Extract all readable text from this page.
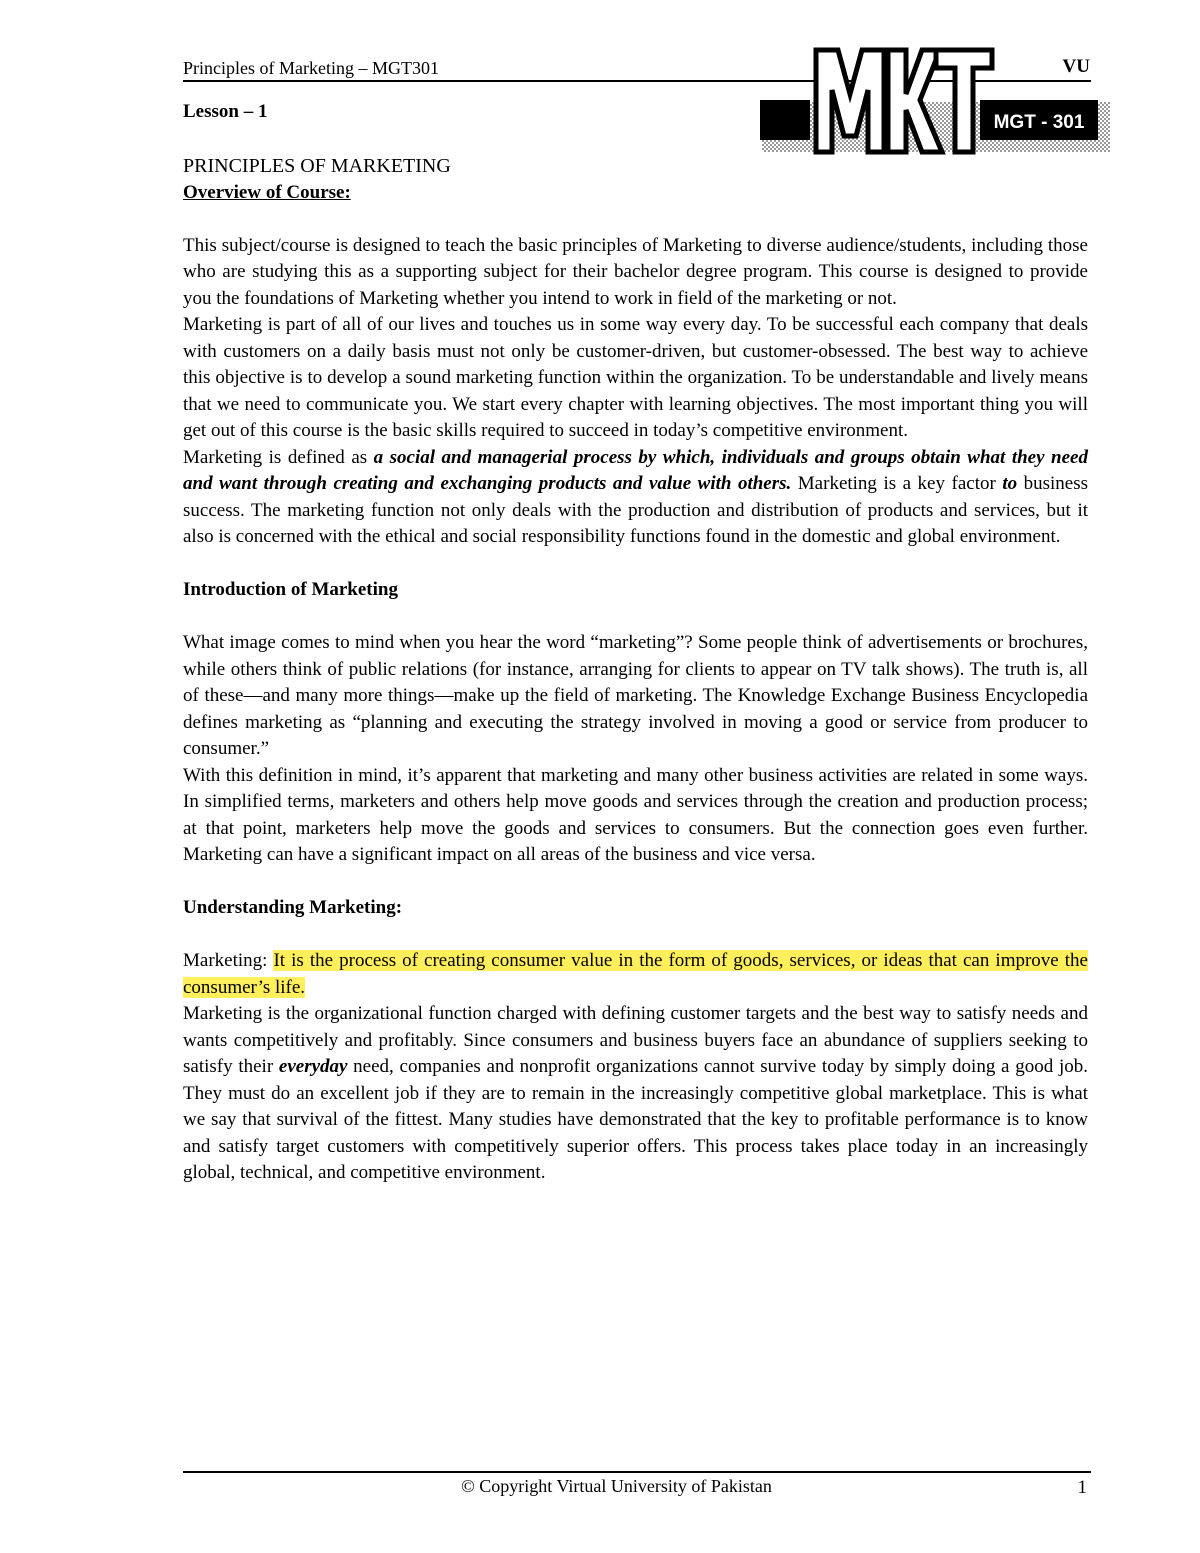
Principles of Marketing – MGT301	VU
MGT - 301
Lesson – 1

PRINCIPLES OF MARKETING

Overview of Course:

This subject/course is designed to teach the basic principles of Marketing to diverse audience/students, including those who are studying this as a supporting subject for their bachelor degree program. This course is designed to provide you the foundations of Marketing whether you intend to work in field of the marketing or not.

Marketing is part of all of our lives and touches us in some way every day. To be successful each company that deals with customers on a daily basis must not only be customer-driven, but customer-obsessed. The best way to achieve this objective is to develop a sound marketing function within the organization. To be understandable and lively means that we need to communicate you. We start every chapter with learning objectives. The most important thing you will get out of this course is the basic skills required to succeed in today’s competitive environment.

Marketing is defined as a social and managerial process by which, individuals and groups obtain what they need and want through creating and exchanging products and value with others. Marketing is a key factor to business success. The marketing function not only deals with the production and distribution of products and services, but it also is concerned with the ethical and social responsibility functions found in the domestic and global environment.

Introduction of Marketing

What image comes to mind when you hear the word “marketing”? Some people think of advertisements or brochures, while others think of public relations (for instance, arranging for clients to appear on TV talk shows). The truth is, all of these—and many more things—make up the field of marketing. The Knowledge Exchange Business Encyclopedia defines marketing as “planning and executing the strategy involved in moving a good or service from producer to consumer.”

With this definition in mind, it’s apparent that marketing and many other business activities are related in some ways. In simplified terms, marketers and others help move goods and services through the creation and production process; at that point, marketers help move the goods and services to consumers. But the connection goes even further. Marketing can have a significant impact on all areas of the business and vice versa.

Understanding Marketing:

Marketing: It is the process of creating consumer value in the form of goods, services, or ideas that can improve the consumer’s life.

Marketing is the organizational function charged with defining customer targets and the best way to satisfy needs and wants competitively and profitably. Since consumers and business buyers face an abundance of suppliers seeking to satisfy their everyday need, companies and nonprofit organizations cannot survive today by simply doing a good job. They must do an excellent job if they are to remain in the increasingly competitive global marketplace. This is what we say that survival of the fittest. Many studies have demonstrated that the key to profitable performance is to know and satisfy target customers with competitively superior offers. This process takes place today in an increasingly global, technical, and competitive environment.

© Copyright Virtual University of Pakistan	1
